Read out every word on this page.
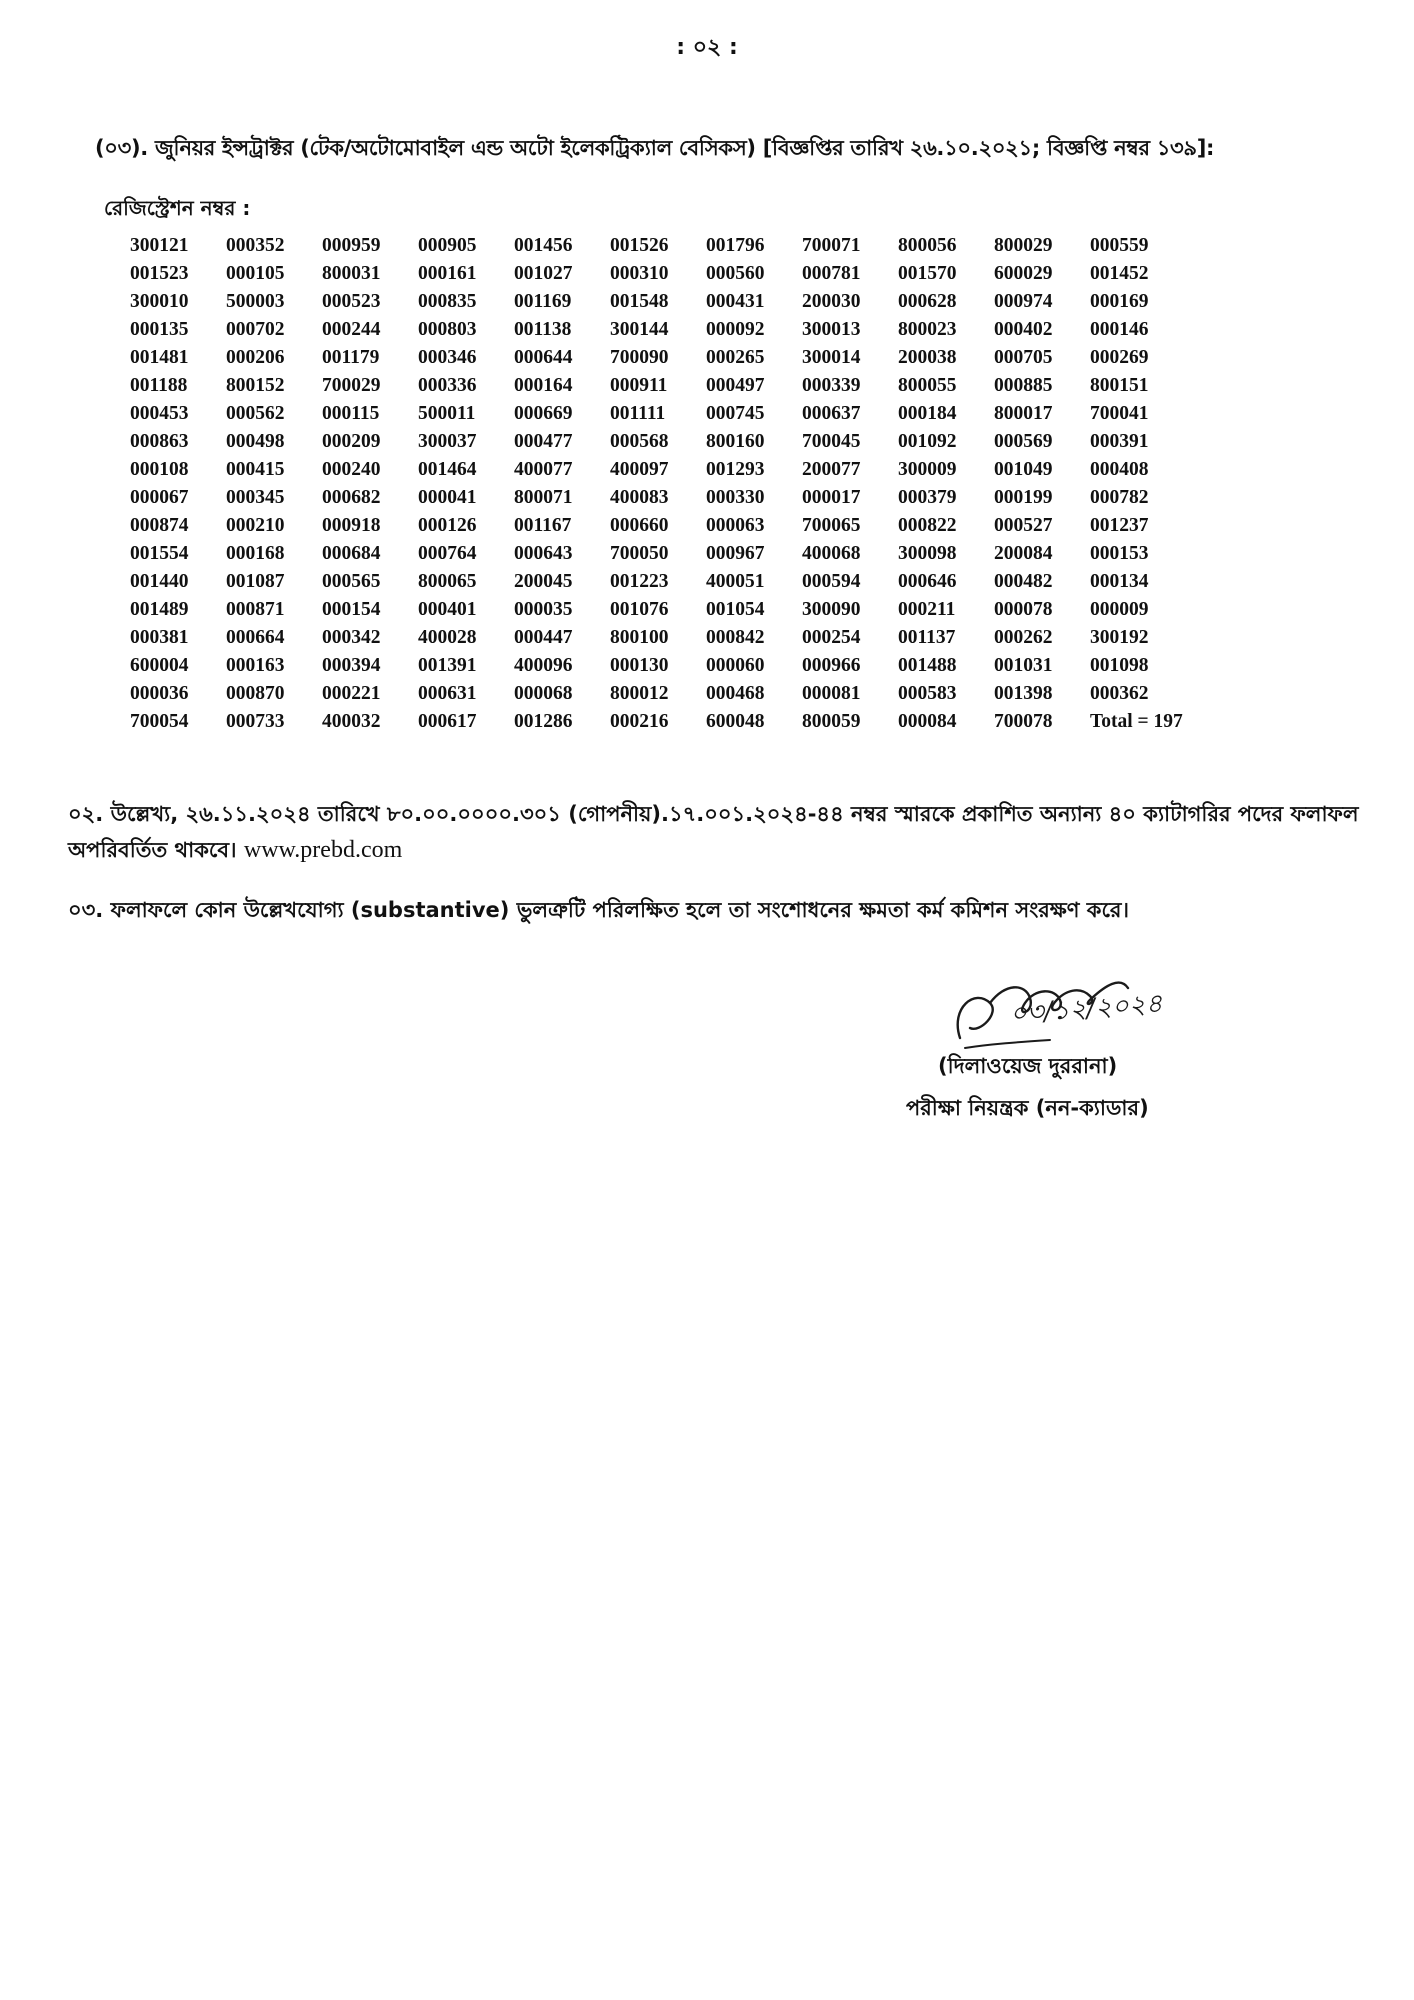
: ০২ :
(০৩). জুনিয়র ইন্সট্রাক্টর (টেক/অটোমোবাইল এন্ড অটো ইলেকট্রিক্যাল বেসিকস) [বিজ্ঞপ্তির তারিখ ২৬.১০.২০২১; বিজ্ঞপ্তি নম্বর ১৩৯]:
রেজিস্ট্রেশন নম্বর :
300121	000352	000959	000905	001456	001526	001796	700071	800056	800029	000559
001523	000105	800031	000161	001027	000310	000560	000781	001570	600029	001452
300010	500003	000523	000835	001169	001548	000431	200030	000628	000974	000169
000135	000702	000244	000803	001138	300144	000092	300013	800023	000402	000146
001481	000206	001179	000346	000644	700090	000265	300014	200038	000705	000269
001188	800152	700029	000336	000164	000911	000497	000339	800055	000885	800151
000453	000562	000115	500011	000669	001111	000745	000637	000184	800017	700041
000863	000498	000209	300037	000477	000568	800160	700045	001092	000569	000391
000108	000415	000240	001464	400077	400097	001293	200077	300009	001049	000408
000067	000345	000682	000041	800071	400083	000330	000017	000379	000199	000782
000874	000210	000918	000126	001167	000660	000063	700065	000822	000527	001237
001554	000168	000684	000764	000643	700050	000967	400068	300098	200084	000153
001440	001087	000565	800065	200045	001223	400051	000594	000646	000482	000134
001489	000871	000154	000401	000035	001076	001054	300090	000211	000078	000009
000381	000664	000342	400028	000447	800100	000842	000254	001137	000262	300192
600004	000163	000394	001391	400096	000130	000060	000966	001488	001031	001098
000036	000870	000221	000631	000068	800012	000468	000081	000583	001398	000362
700054	000733	400032	000617	001286	000216	600048	800059	000084	700078	Total = 197
০২. উল্লেখ্য, ২৬.১১.২০২৪ তারিখে ৮০.০০.০০০০.৩০১ (গোপনীয়).১৭.০০১.২০২৪-৪৪ নম্বর স্মারকে প্রকাশিত অন্যান্য ৪০ ক্যাটাগরির পদের ফলাফল অপরিবর্তিত থাকবে। www.prebd.com
০৩. ফলাফলে কোন উল্লেখযোগ্য (substantive) ভুলত্রুটি পরিলক্ষিত হলে তা সংশোধনের ক্ষমতা কর্ম কমিশন সংরক্ষণ করে।
০৩/১২/২০২৪
(দিলাওয়েজ দুররানা)
পরীক্ষা নিয়ন্ত্রক (নন-ক্যাডার)
